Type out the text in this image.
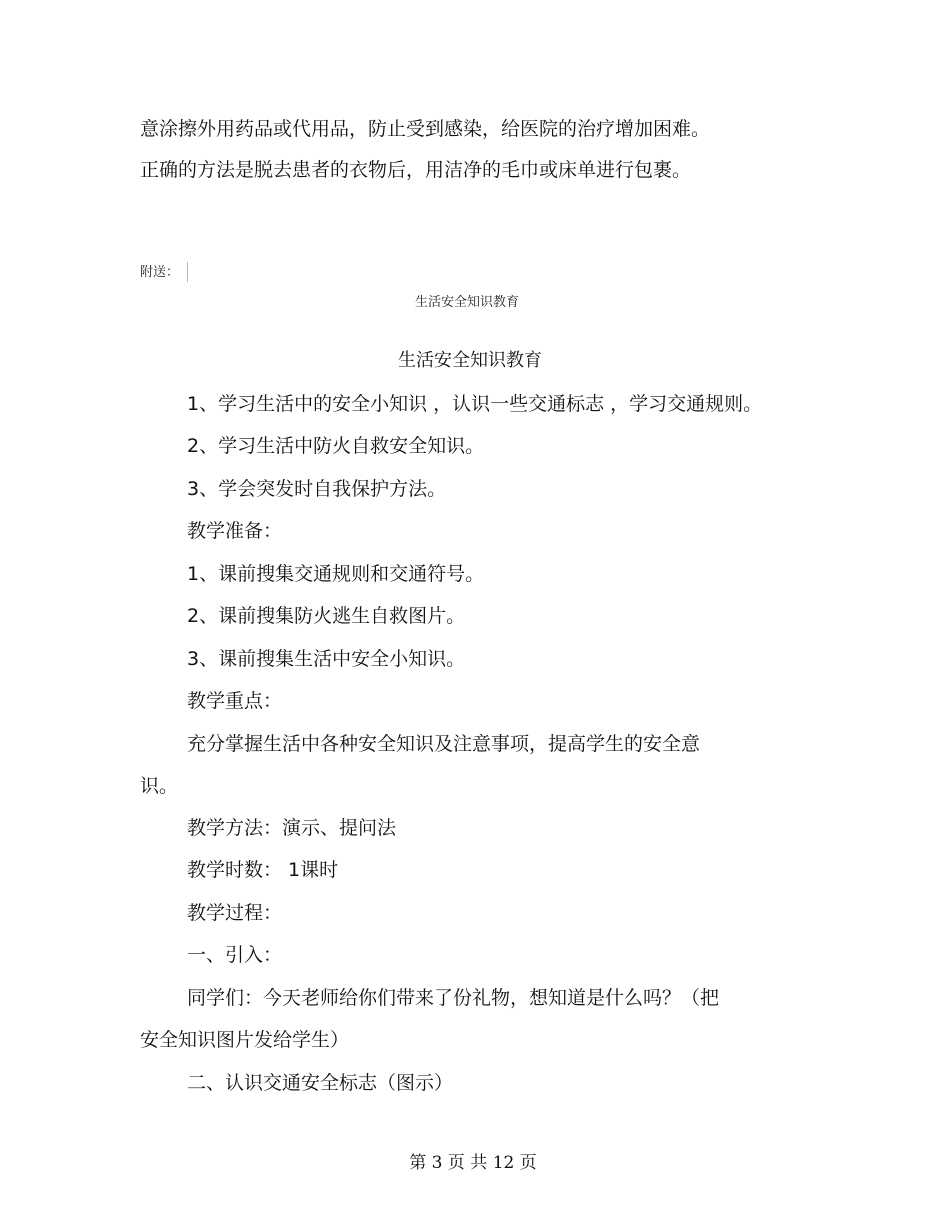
意涂擦外用药品或代用品，防止受到感染，给医院的治疗增加困难。
正确的方法是脱去患者的衣物后，用洁净的毛巾或床单进行包裹。
附送：
生活安全知识教育
生活安全知识教育
1、学习生活中的安全小知识 ，认识一些交通标志 ，学习交通规则。
2、学习生活中防火自救安全知识。
3、学会突发时自我保护方法。
教学准备：
1、课前搜集交通规则和交通符号。
2、课前搜集防火逃生自救图片。
3、课前搜集生活中安全小知识。
教学重点：
充分掌握生活中各种安全知识及注意事项，提高学生的安全意
识。
教学方法：演示、提问法
教学时数： 1课时
教学过程：
一、引入：
同学们：今天老师给你们带来了份礼物，想知道是什么吗？（把
安全知识图片发给学生）
二、认识交通安全标志（图示）
第 3 页 共 12 页
